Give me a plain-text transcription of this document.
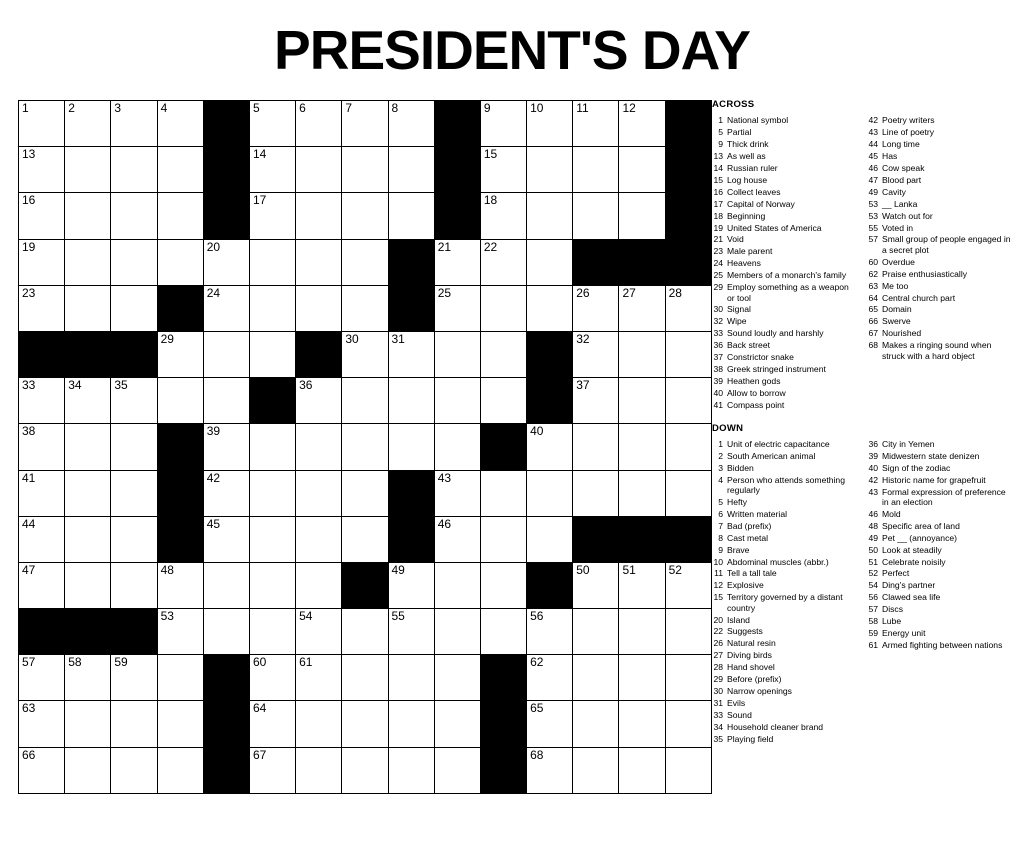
PRESIDENT'S DAY
1	2	3	4		5	6	7	8		9	10	11	12	

13					14					15				

16					17					18				

19				20					21	22				

23				24					25			26	27	28

			29				30	31				32		

33	34	35				36						37		

38				39							40			

41				42					43					

44				45					46					

47			48					49				50	51	52

			53			54		55			56			

57	58	59			60	61					62			

63					64						65			

66					67						68			

ACROSS
1 National symbol
5 Partial
9 Thick drink
13 As well as
14 Russian ruler
15 Log house
16 Collect leaves
17 Capital of Norway
18 Beginning
19 United States of America
21 Void
23 Male parent
24 Heavens
25 Members of a monarch's family
29 Employ something as a weapon or tool
30 Signal
32 Wipe
33 Sound loudly and harshly
36 Back street
37 Constrictor snake
38 Greek stringed instrument
39 Heathen gods
40 Allow to borrow
41 Compass point
42 Poetry writers
43 Line of poetry
44 Long time
45 Has
46 Cow speak
47 Blood part
49 Cavity
53 __ Lanka
53 Watch out for
55 Voted in
57 Small group of people engaged in a secret plot
60 Overdue
62 Praise enthusiastically
63 Me too
64 Central church part
65 Domain
66 Swerve
67 Nourished
68 Makes a ringing sound when struck with a hard object
DOWN
1 Unit of electric capacitance
2 South American animal
3 Bidden
4 Person who attends something regularly
5 Hefty
6 Written material
7 Bad (prefix)
8 Cast metal
9 Brave
10 Abdominal muscles (abbr.)
11 Tell a tall tale
12 Explosive
15 Territory governed by a distant country
20 Island
22 Suggests
26 Natural resin
27 Diving birds
28 Hand shovel
29 Before (prefix)
30 Narrow openings
31 Evils
33 Sound
34 Household cleaner brand
35 Playing field
36 City in Yemen
39 Midwestern state denizen
40 Sign of the zodiac
42 Historic name for grapefruit
43 Formal expression of preference in an election
46 Mold
48 Specific area of land
49 Pet __ (annoyance)
50 Look at steadily
51 Celebrate noisily
52 Perfect
54 Ding's partner
56 Clawed sea life
57 Discs
58 Lube
59 Energy unit
61 Armed fighting between nations
